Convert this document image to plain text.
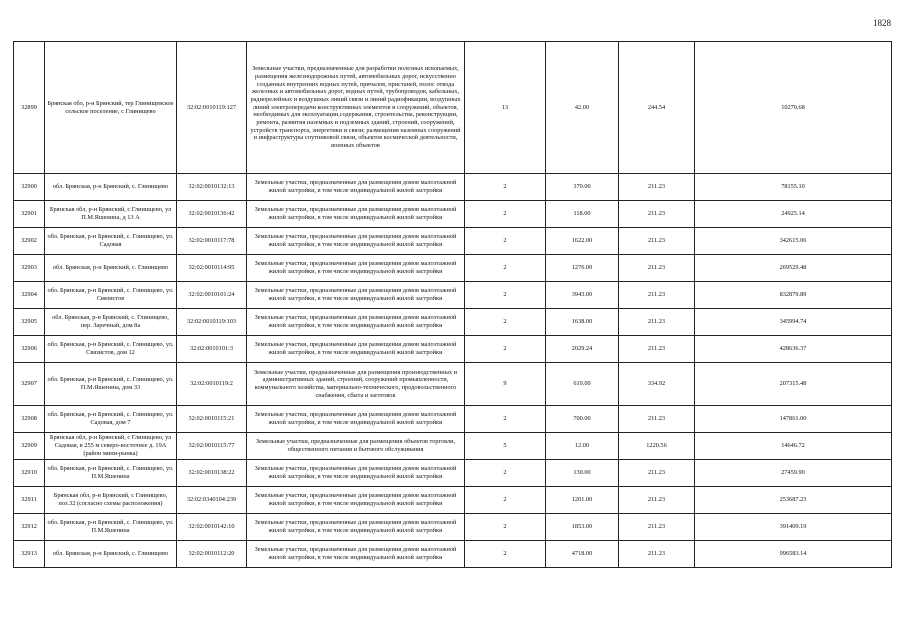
1828
32899	Брянская обл, р-н Брянский, тер Глинищевское сельское поселение, с Глинищево	32:02:0010119:127	Земельные участки, предназначенные для разработки полезных ископаемых, размещения железнодорожных путей, автомобильных дорог, искусственно созданных внутренних водных путей, причалов, пристаней, полос отвода железных и автомобильных дорог, водных путей, трубопроводов, кабельных, радиорелейных и воздушных линий связи и линий радиофикации, воздушных линий электропередачи конструктивных элементов и сооружений, объектов, необходимых для эксплуатации,содержания, строительства, реконструкции, ремонта, развития наземных и подземных зданий, строений, сооружений, устройств транспорта, энергетики и связи; размещения наземных сооружений и инфраструктуры спутниковой связи, объектов космической деятельности, военных объектов	13	42.00	244.54	10270.68

32900	обл. Брянская, р-н Брянский, с. Глинищево	32:02:0010132:13	Земельные участки, предназначенные для размещения домов малоэтажной жилой застройки, в том числе индивидуальной жилой застройки	2	370.00	211.23	78155.10

32901	Брянская обл, р-н Брянский, с Глинищево, ул П.М.Яшенина, д 13 А	32:02:0010136:42	Земельные участки, предназначенные для размещения домов малоэтажной жилой застройки, в том числе индивидуальной жилой застройки	2	118.00	211.23	24925.14

32902	обл. Брянская, р-н Брянский, с. Глинищево, ул. Садовая	32:02:0010117:78	Земельные участки, предназначенные для размещения домов малоэтажной жилой застройки, в том числе индивидуальной жилой застройки	2	1622.00	211.23	342615.06

32903	обл. Брянская, р-н Брянский, с. Глинищево	32:02:0010114:95	Земельные участки, предназначенные для размещения домов малоэтажной жилой застройки, в том числе индивидуальной жилой застройки	2	1276.00	211.23	269529.48

32904	обл. Брянская, р-н Брянский, с. Глинищево, ул. Связистов	32:02:0010101:24	Земельные участки, предназначенные для размещения домов малоэтажной жилой застройки, в том числе индивидуальной жилой застройки	2	3943.00	211.23	832879.89

32905	обл. Брянская, р-н Брянский, с. Глинищево, пер. Заречный, дом 8а	32:02:0010119:103	Земельные участки, предназначенные для размещения домов малоэтажной жилой застройки, в том числе индивидуальной жилой застройки	2	1638.00	211.23	345994.74

32906	обл. Брянская, р-н Брянский, с. Глинищево, ул. Связистов, дом 12	32:02:0010101:3	Земельные участки, предназначенные для размещения домов малоэтажной жилой застройки, в том числе индивидуальной жилой застройки	2	2029.24	211.23	428636.37

32907	обл. Брянская, р-н Брянский, с. Глинищево, ул. П.М.Яшенина, дом 33	32:02:0010119:2	Земельные участки, предназначенные для размещения производственных и административных зданий, строений, сооружений промышленности, коммунального хозяйства, материально-технического, продовольственного снабжения, сбыта и заготовок	9	619.00	334.92	207315.48

32908	обл. Брянская, р-н Брянский, с. Глинищево, ул. Садовая, дом 7	32:02:0010115:21	Земельные участки, предназначенные для размещения домов малоэтажной жилой застройки, в том числе индивидуальной жилой застройки	2	700.00	211.23	147861.00

32909	Брянская обл, р-н Брянский, с Глинищево, ул Садовая, в 255 м северо-восточнее д. 19А (район мини-рынка)	32:02:0010115:77	Земельные участки, предназначенные для размещения объектов торговли, общественного питания и бытового обслуживания	5	12.00	1220.56	14646.72

32910	обл. Брянская, р-н Брянский, с. Глинищево, ул. П.М.Яшенина	32:02:0010138:22	Земельные участки, предназначенные для размещения домов малоэтажной жилой застройки, в том числе индивидуальной жилой застройки	2	130.00	211.23	27459.90

32911	Брянская обл, р-н Брянский, с Глинищево, поз.32 (согласно схемы расположения)	32:02:0340104:239	Земельные участки, предназначенные для размещения домов малоэтажной жилой застройки, в том числе индивидуальной жилой застройки	2	1201.00	211.23	253687.23

32912	обл. Брянская, р-н Брянский, с. Глинищево, ул. П.М.Яшенина	32:02:0010142:10	Земельные участки, предназначенные для размещения домов малоэтажной жилой застройки, в том числе индивидуальной жилой застройки	2	1853.00	211.23	391409.19

32913	обл. Брянская, р-н Брянский, с. Глинищево	32:02:0010112:20	Земельные участки, предназначенные для размещения домов малоэтажной жилой застройки, в том числе индивидуальной жилой застройки	2	4718.00	211.23	996583.14
